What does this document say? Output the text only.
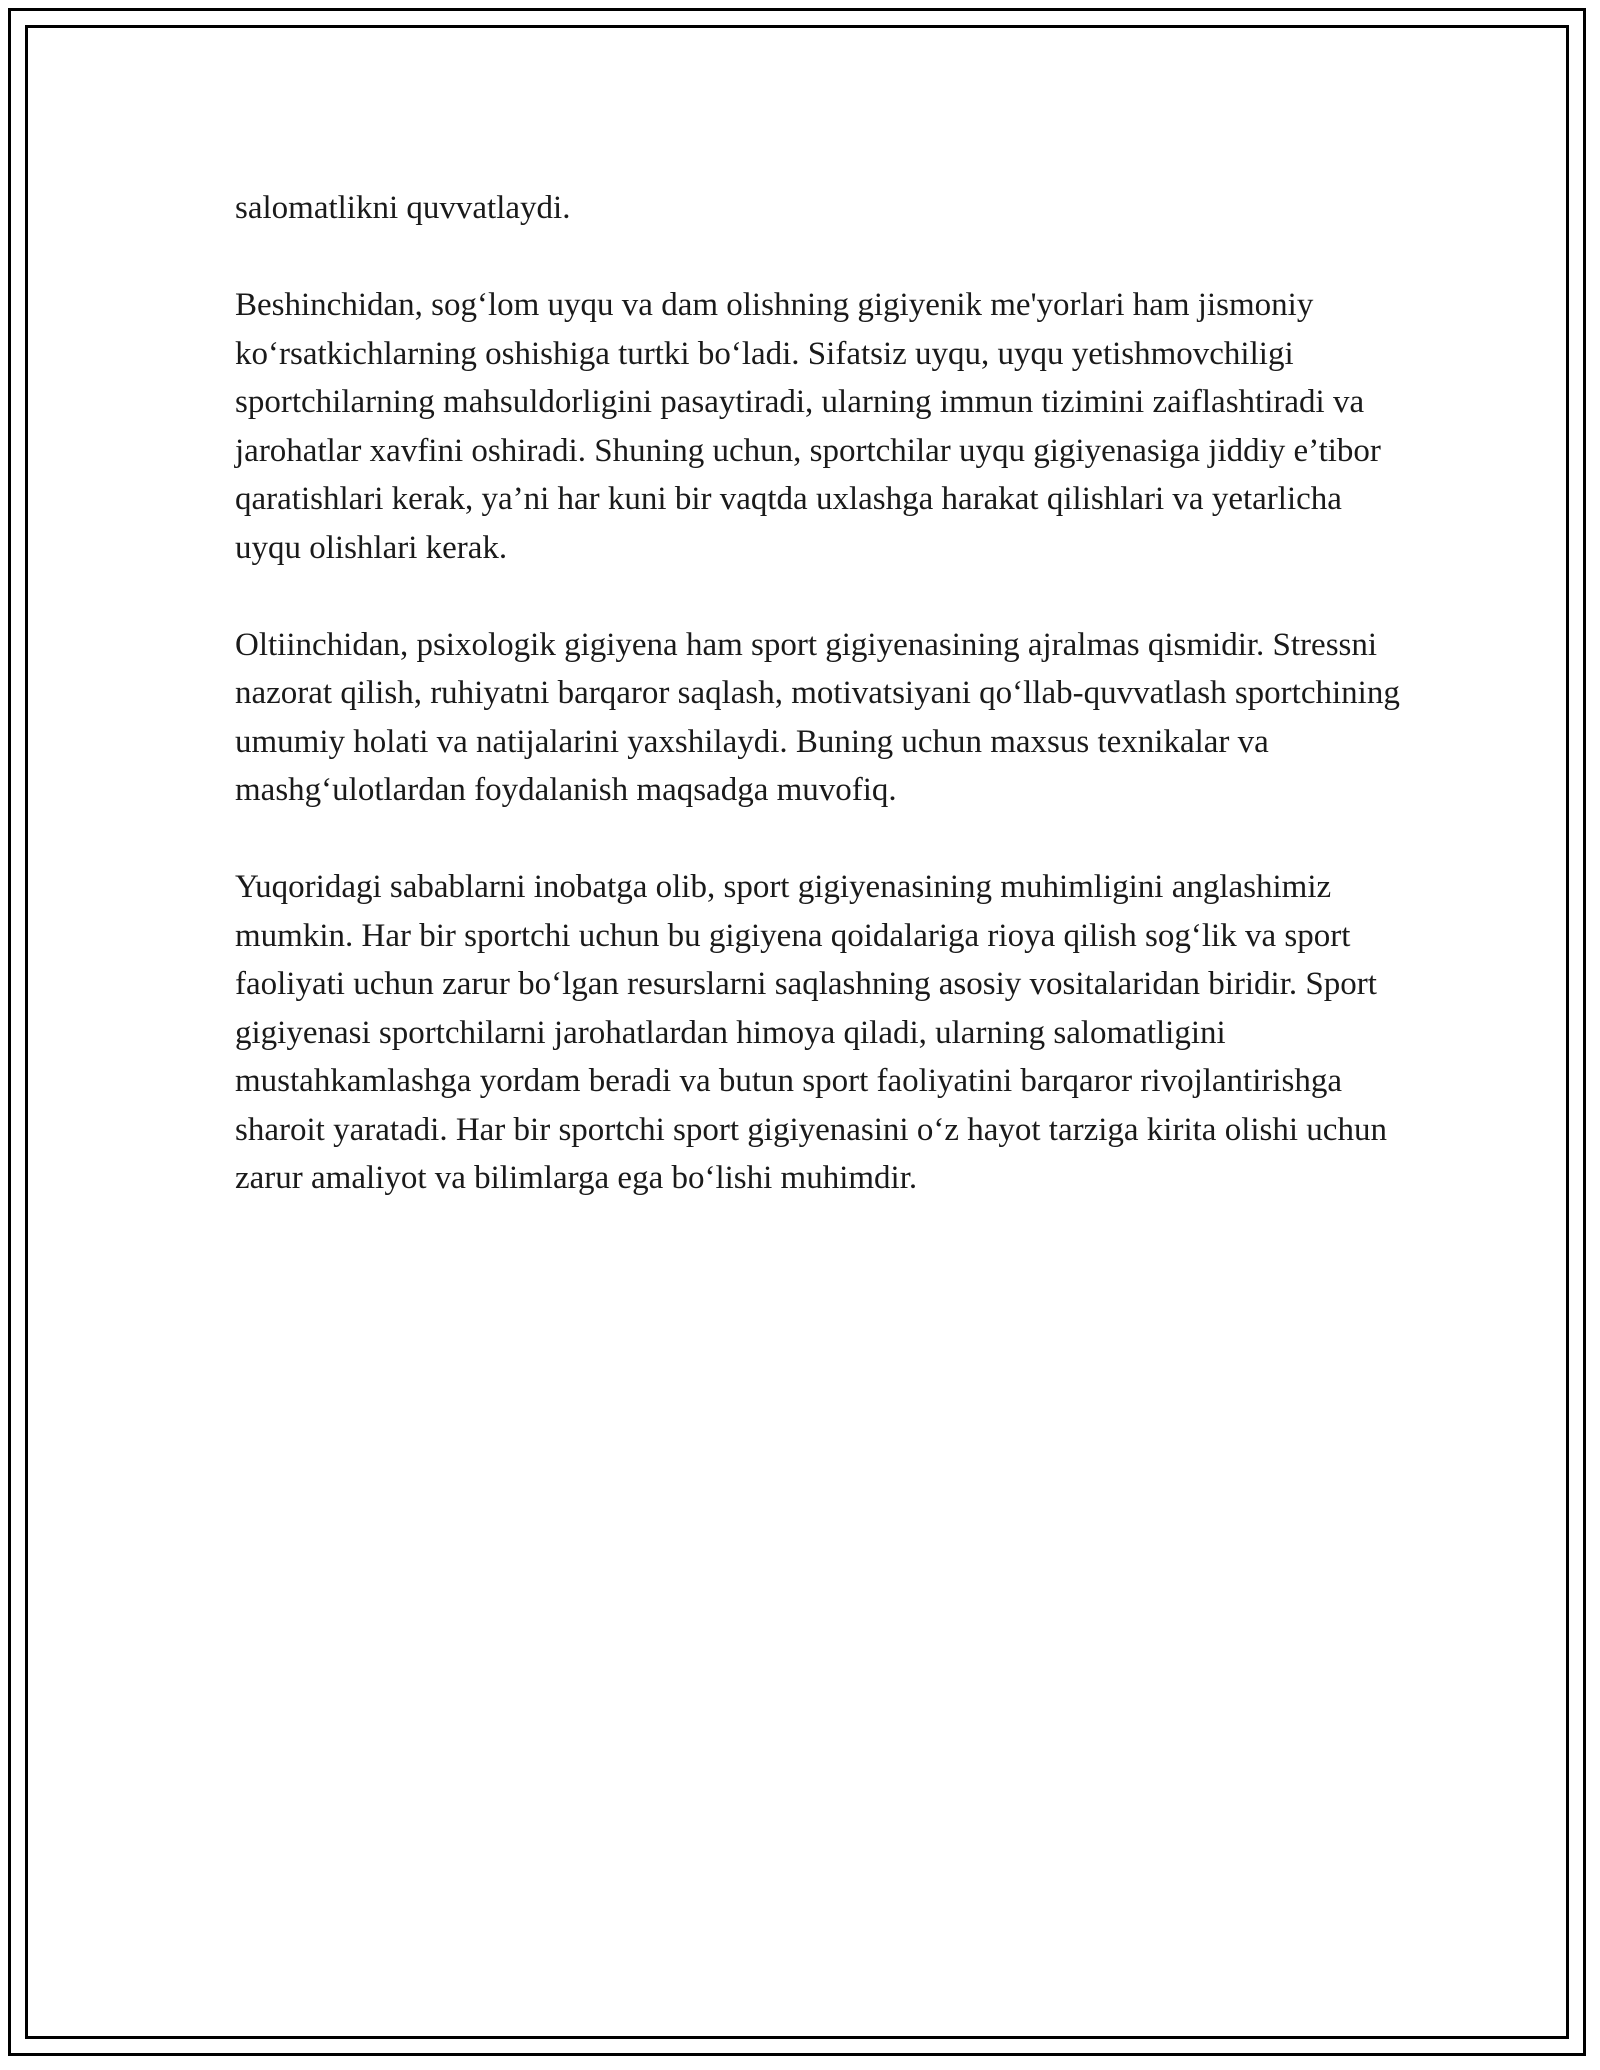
salomatlikni quvvatlaydi.

Beshinchidan, sog‘lom uyqu va dam olishning gigiyenik me'yorlari ham jismoniy ko‘rsatkichlarning oshishiga turtki bo‘ladi. Sifatsiz uyqu, uyqu yetishmovchiligi sportchilarning mahsuldorligini pasaytiradi, ularning immun tizimini zaiflashtiradi va jarohatlar xavfini oshiradi. Shuning uchun, sportchilar uyqu gigiyenasiga jiddiy e’tibor qaratishlari kerak, ya’ni har kuni bir vaqtda uxlashga harakat qilishlari va yetarlicha uyqu olishlari kerak.

Oltiinchidan, psixologik gigiyena ham sport gigiyenasining ajralmas qismidir. Stressni nazorat qilish, ruhiyatni barqaror saqlash, motivatsiyani qo‘llab-quvvatlash sportchining umumiy holati va natijalarini yaxshilaydi. Buning uchun maxsus texnikalar va mashg‘ulotlardan foydalanish maqsadga muvofiq.

Yuqoridagi sabablarni inobatga olib, sport gigiyenasining muhimligini anglashimiz mumkin. Har bir sportchi uchun bu gigiyena qoidalariga rioya qilish sog‘lik va sport faoliyati uchun zarur bo‘lgan resurslarni saqlashning asosiy vositalaridan biridir. Sport gigiyenasi sportchilarni jarohatlardan himoya qiladi, ularning salomatligini mustahkamlashga yordam beradi va butun sport faoliyatini barqaror rivojlantirishga sharoit yaratadi. Har bir sportchi sport gigiyenasini o‘z hayot tarziga kirita olishi uchun zarur amaliyot va bilimlarga ega bo‘lishi muhimdir.
